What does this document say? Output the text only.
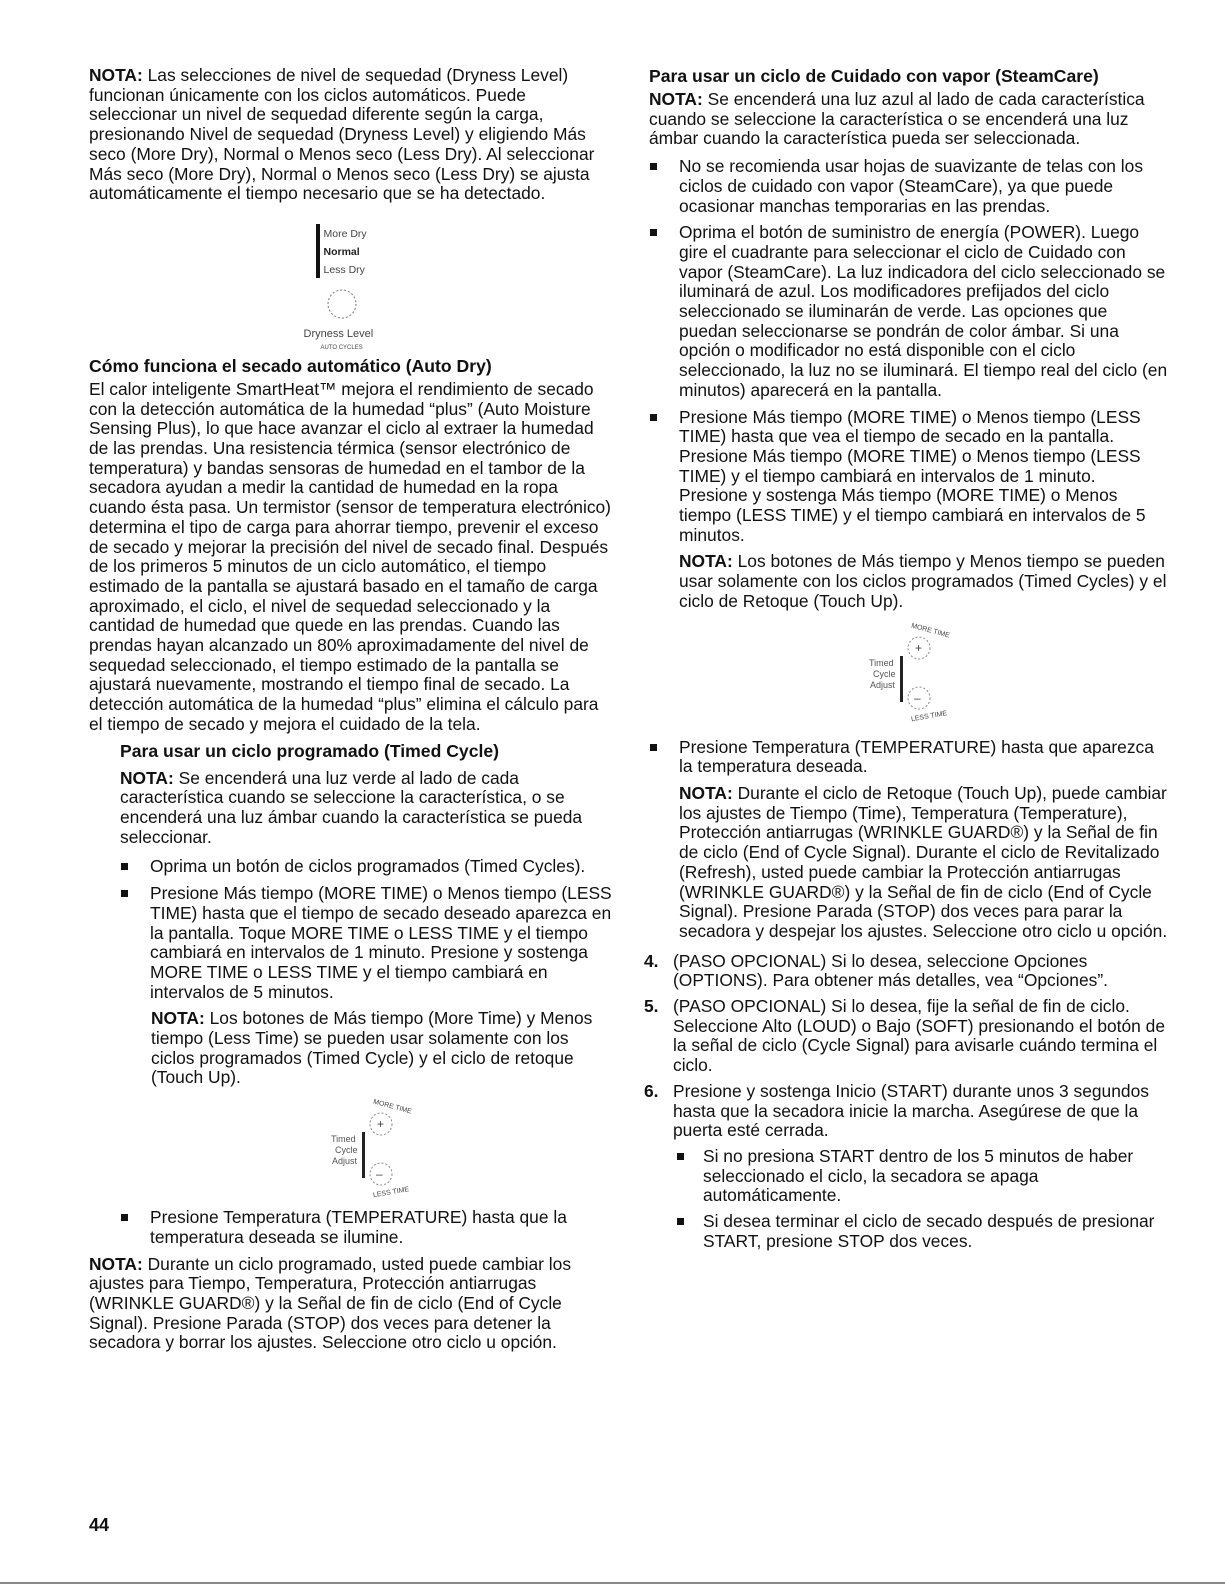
NOTA: Las selecciones de nivel de sequedad (Dryness Level) funcionan únicamente con los ciclos automáticos. Puede seleccionar un nivel de sequedad diferente según la carga, presionando Nivel de sequedad (Dryness Level) y eligiendo Más seco (More Dry), Normal o Menos seco (Less Dry). Al seleccionar Más seco (More Dry), Normal o Menos seco (Less Dry) se ajusta automáticamente el tiempo necesario que se ha detectado.

More Dry
Normal
Less Dry
Dryness Level
AUTO CYCLES
Cómo funciona el secado automático (Auto Dry)

El calor inteligente SmartHeat™ mejora el rendimiento de secado con la detección automática de la humedad “plus” (Auto Moisture Sensing Plus), lo que hace avanzar el ciclo al extraer la humedad de las prendas. Una resistencia térmica (sensor electrónico de temperatura) y bandas sensoras de humedad en el tambor de la secadora ayudan a medir la cantidad de humedad en la ropa cuando ésta pasa. Un termistor (sensor de temperatura electrónico) determina el tipo de carga para ahorrar tiempo, prevenir el exceso de secado y mejorar la precisión del nivel de secado final. Después de los primeros 5 minutos de un ciclo automático, el tiempo estimado de la pantalla se ajustará basado en el tamaño de carga aproximado, el ciclo, el nivel de sequedad seleccionado y la cantidad de humedad que quede en las prendas. Cuando las prendas hayan alcanzado un 80% aproximadamente del nivel de sequedad seleccionado, el tiempo estimado de la pantalla se ajustará nuevamente, mostrando el tiempo final de secado. La detección automática de la humedad “plus” elimina el cálculo para el tiempo de secado y mejora el cuidado de la tela.

Para usar un ciclo programado (Timed Cycle)

NOTA: Se encenderá una luz verde al lado de cada característica cuando se seleccione la característica, o se encenderá una luz ámbar cuando la característica se pueda seleccionar.

Oprima un botón de ciclos programados (Timed Cycles).
Presione Más tiempo (MORE TIME) o Menos tiempo (LESS TIME) hasta que el tiempo de secado deseado aparezca en la pantalla. Toque MORE TIME o LESS TIME y el tiempo cambiará en intervalos de 1 minuto. Presione y sostenga MORE TIME o LESS TIME y el tiempo cambiará en intervalos de 5 minutos.

NOTA: Los botones de Más tiempo (More Time) y Menos tiempo (Less Time) se pueden usar solamente con los ciclos programados (Timed Cycle) y el ciclo de retoque (Touch Up).

MORE TIME
+
–
LESS TIME
Timed
Cycle
Adjust
Presione Temperatura (TEMPERATURE) hasta que la temperatura deseada se ilumine.

NOTA: Durante un ciclo programado, usted puede cambiar los ajustes para Tiempo, Temperatura, Protección antiarrugas (WRINKLE GUARD®) y la Señal de fin de ciclo (End of Cycle Signal). Presione Parada (STOP) dos veces para detener la secadora y borrar los ajustes. Seleccione otro ciclo u opción.

Para usar un ciclo de Cuidado con vapor (SteamCare)

NOTA: Se encenderá una luz azul al lado de cada característica cuando se seleccione la característica o se encenderá una luz ámbar cuando la característica pueda ser seleccionada.

No se recomienda usar hojas de suavizante de telas con los ciclos de cuidado con vapor (SteamCare), ya que puede ocasionar manchas temporarias en las prendas.
Oprima el botón de suministro de energía (POWER). Luego gire el cuadrante para seleccionar el ciclo de Cuidado con vapor (SteamCare). La luz indicadora del ciclo seleccionado se iluminará de azul. Los modificadores prefijados del ciclo seleccionado se iluminarán de verde. Las opciones que puedan seleccionarse se pondrán de color ámbar. Si una opción o modificador no está disponible con el ciclo seleccionado, la luz no se iluminará. El tiempo real del ciclo (en minutos) aparecerá en la pantalla.
Presione Más tiempo (MORE TIME) o Menos tiempo (LESS TIME) hasta que vea el tiempo de secado en la pantalla. Presione Más tiempo (MORE TIME) o Menos tiempo (LESS TIME) y el tiempo cambiará en intervalos de 1 minuto. Presione y sostenga Más tiempo (MORE TIME) o Menos tiempo (LESS TIME) y el tiempo cambiará en intervalos de 5 minutos.

NOTA: Los botones de Más tiempo y Menos tiempo se pueden usar solamente con los ciclos programados (Timed Cycles) y el ciclo de Retoque (Touch Up).

MORE TIME
+
–
LESS TIME
Timed
Cycle
Adjust
Presione Temperatura (TEMPERATURE) hasta que aparezca la temperatura deseada.

NOTA: Durante el ciclo de Retoque (Touch Up), puede cambiar los ajustes de Tiempo (Time), Temperatura (Temperature), Protección antiarrugas (WRINKLE GUARD®) y la Señal de fin de ciclo (End of Cycle Signal). Durante el ciclo de Revitalizado (Refresh), usted puede cambiar la Protección antiarrugas (WRINKLE GUARD®) y la Señal de fin de ciclo (End of Cycle Signal). Presione Parada (STOP) dos veces para parar la secadora y despejar los ajustes. Seleccione otro ciclo u opción.

4. (PASO OPCIONAL) Si lo desea, seleccione Opciones (OPTIONS). Para obtener más detalles, vea “Opciones”.
5. (PASO OPCIONAL) Si lo desea, fije la señal de fin de ciclo. Seleccione Alto (LOUD) o Bajo (SOFT) presionando el botón de la señal de ciclo (Cycle Signal) para avisarle cuándo termina el ciclo.
6. Presione y sostenga Inicio (START) durante unos 3 segundos hasta que la secadora inicie la marcha. Asegúrese de que la puerta esté cerrada.
Si no presiona START dentro de los 5 minutos de haber seleccionado el ciclo, la secadora se apaga automáticamente.
Si desea terminar el ciclo de secado después de presionar START, presione STOP dos veces.
44
